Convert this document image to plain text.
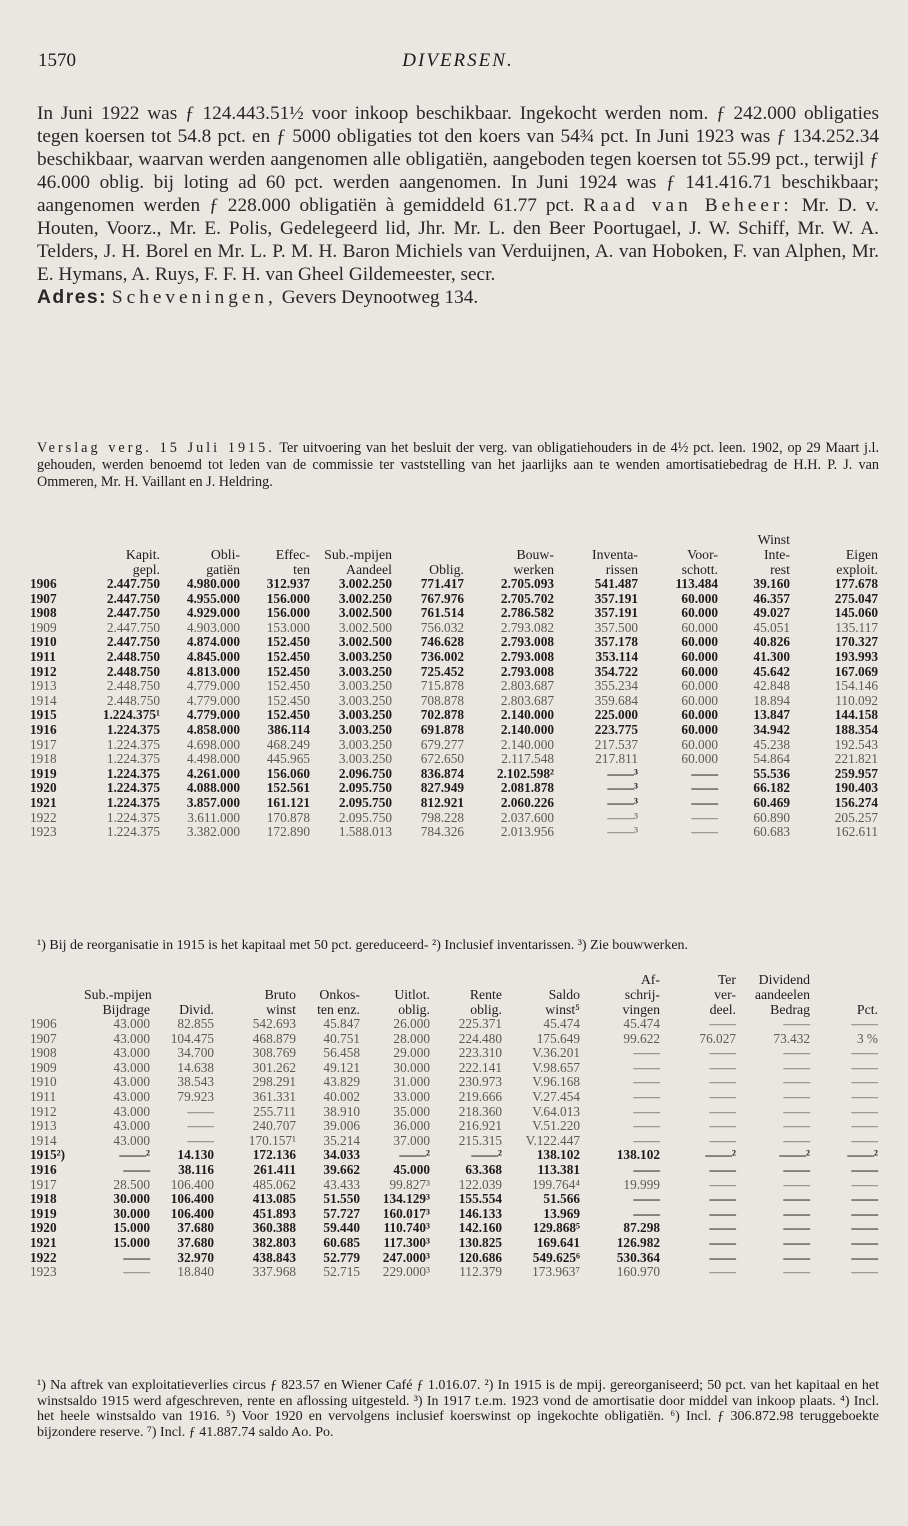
1570	DIVERSEN.

In Juni 1922 was ƒ 124.443.51½ voor inkoop beschikbaar. Ingekocht werden nom. ƒ 242.000 obligaties tegen koersen tot 54.8 pct. en ƒ 5000 obligaties tot den koers van 54¾ pct. In Juni 1923 was ƒ 134.252.34 beschikbaar, waarvan werden aangenomen alle obligatiën, aangeboden tegen koersen tot 55.99 pct., terwijl ƒ 46.000 oblig. bij loting ad 60 pct. werden aangenomen. In Juni 1924 was ƒ 141.416.71 beschikbaar; aangenomen werden ƒ 228.000 obligatiën à gemiddeld 61.77 pct. Raad van Beheer: Mr. D. v. Houten, Voorz., Mr. E. Polis, Gedelegeerd lid, Jhr. Mr. L. den Beer Poortugael, J. W. Schiff, Mr. W. A. Telders, J. H. Borel en Mr. L. P. M. H. Baron Michiels van Verduijnen, A. van Hoboken, F. van Alphen, Mr. E. Hymans, A. Ruys, F. F. H. van Gheel Gildemeester, secr.

Adres: Scheveningen, Gevers Deynootweg 134.

Verslag verg. 15 Juli 1915. Ter uitvoering van het besluit der verg. van obligatiehouders in de 4½ pct. leen. 1902, op 29 Maart j.l. gehouden, werden benoemd tot leden van de commissie ter vaststelling van het jaarlijks aan te wenden amortisatiebedrag de H.H. P. J. van Ommeren, Mr. H. Vaillant en J. Heldring.

									Winst	
	Kapit.	Obli-	Effec-	Sub.-mpijen		Bouw-	Inventa-	Voor-	Inte-	Eigen
	gepl.	gatiën	ten	Aandeel	Oblig.	werken	rissen	schott.	rest	exploit.
1906	2.447.750	4.980.000	312.937	3.002.250	771.417	2.705.093	541.487	113.484	39.160	177.678
1907	2.447.750	4.955.000	156.000	3.002.250	767.976	2.705.702	357.191	60.000	46.357	275.047
1908	2.447.750	4.929.000	156.000	3.002.500	761.514	2.786.582	357.191	60.000	49.027	145.060
1909	2.447.750	4.903.000	153.000	3.002.500	756.032	2.793.082	357.500	60.000	45.051	135.117
1910	2.447.750	4.874.000	152.450	3.002.500	746.628	2.793.008	357.178	60.000	40.826	170.327
1911	2.448.750	4.845.000	152.450	3.003.250	736.002	2.793.008	353.114	60.000	41.300	193.993
1912	2.448.750	4.813.000	152.450	3.003.250	725.452	2.793.008	354.722	60.000	45.642	167.069
1913	2.448.750	4.779.000	152.450	3.003.250	715.878	2.803.687	355.234	60.000	42.848	154.146
1914	2.448.750	4.779.000	152.450	3.003.250	708.878	2.803.687	359.684	60.000	18.894	110.092
1915	1.224.375¹	4.779.000	152.450	3.003.250	702.878	2.140.000	225.000	60.000	13.847	144.158
1916	1.224.375	4.858.000	386.114	3.003.250	691.878	2.140.000	223.775	60.000	34.942	188.354
1917	1.224.375	4.698.000	468.249	3.003.250	679.277	2.140.000	217.537	60.000	45.238	192.543
1918	1.224.375	4.498.000	445.965	3.003.250	672.650	2.117.548	217.811	60.000	54.864	221.821
1919	1.224.375	4.261.000	156.060	2.096.750	836.874	2.102.598²	——³	——	55.536	259.957
1920	1.224.375	4.088.000	152.561	2.095.750	827.949	2.081.878	——³	——	66.182	190.403
1921	1.224.375	3.857.000	161.121	2.095.750	812.921	2.060.226	——³	——	60.469	156.274
1922	1.224.375	3.611.000	170.878	2.095.750	798.228	2.037.600	——³	——	60.890	205.257
1923	1.224.375	3.382.000	172.890	1.588.013	784.326	2.013.956	——³	——	60.683	162.611

¹) Bij de reorganisatie in 1915 is het kapitaal met 50 pct. gereduceerd- ²) Inclusief inventarissen. ³) Zie bouwwerken.

								Af-	Ter	Dividend	
	Sub.-mpijen		Bruto	Onkos-	Uitlot.	Rente	Saldo	schrij-	ver-	aandeelen	
	Bijdrage	Divid.	winst	ten enz.	oblig.	oblig.	winst⁵	vingen	deel.	Bedrag	Pct.
1906	43.000	82.855	542.693	45.847	26.000	225.371	45.474	45.474	——	——	——
1907	43.000	104.475	468.879	40.751	28.000	224.480	175.649	99.622	76.027	73.432	3 %
1908	43.000	34.700	308.769	56.458	29.000	223.310	V.36.201	——	——	——	——
1909	43.000	14.638	301.262	49.121	30.000	222.141	V.98.657	——	——	——	——
1910	43.000	38.543	298.291	43.829	31.000	230.973	V.96.168	——	——	——	——
1911	43.000	79.923	361.331	40.002	33.000	219.666	V.27.454	——	——	——	——
1912	43.000	——	255.711	38.910	35.000	218.360	V.64.013	——	——	——	——
1913	43.000	——	240.707	39.006	36.000	216.921	V.51.220	——	——	——	——
1914	43.000	——	170.157¹	35.214	37.000	215.315	V.122.447	——	——	——	——
1915²)	——²	14.130	172.136	34.033	——²	——²	138.102	138.102	——²	——²	——²
1916	——	38.116	261.411	39.662	45.000	63.368	113.381	——	——	——	——
1917	28.500	106.400	485.062	43.433	99.827³	122.039	199.764⁴	19.999	——	——	——
1918	30.000	106.400	413.085	51.550	134.129³	155.554	51.566	——	——	——	——
1919	30.000	106.400	451.893	57.727	160.017³	146.133	13.969	——	——	——	——
1920	15.000	37.680	360.388	59.440	110.740³	142.160	129.868⁵	87.298	——	——	——
1921	15.000	37.680	382.803	60.685	117.300³	130.825	169.641	126.982	——	——	——
1922	——	32.970	438.843	52.779	247.000³	120.686	549.625⁶	530.364	——	——	——
1923	——	18.840	337.968	52.715	229.000³	112.379	173.963⁷	160.970	——	——	——

¹) Na aftrek van exploitatieverlies circus ƒ 823.57 en Wiener Café ƒ 1.016.07. ²) In 1915 is de mpij. gereorganiseerd; 50 pct. van het kapitaal en het winstsaldo 1915 werd afgeschreven, rente en aflossing uitgesteld. ³) In 1917 t.e.m. 1923 vond de amortisatie door middel van inkoop plaats. ⁴) Incl. het heele winstsaldo van 1916. ⁵) Voor 1920 en vervolgens inclusief koerswinst op ingekochte obligatiën. ⁶) Incl. ƒ 306.872.98 teruggeboekte bijzondere reserve. ⁷) Incl. ƒ 41.887.74 saldo Ao. Po.
